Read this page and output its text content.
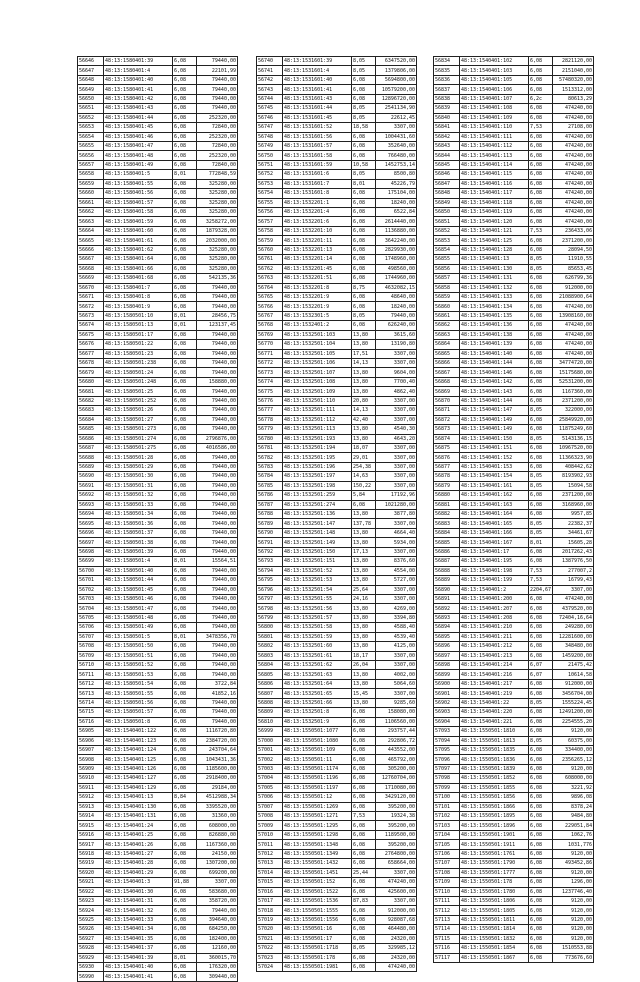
56646	48:13:1580401:39	6,08	79440,00
56647	48:13:1580401:4	6,08	22101,99
56648	48:13:1580401:40	6,08	79440,00
56649	48:13:1580401:41	6,08	79440,00
56650	48:13:1580401:42	6,08	79440,00
56651	48:13:1580401:43	6,08	79440,00
56652	48:13:1580401:44	6,08	252320,00
56653	48:13:1580401:45	6,08	72840,00
56654	48:13:1580401:46	6,08	252320,00
56655	48:13:1580401:47	6,08	72840,00
56656	48:13:1580401:48	6,08	252320,00
56657	48:13:1580401:49	6,08	72840,00
56658	48:13:1580401:5	8,01	772848,59
56659	48:13:1580401:55	6,08	325280,00
56660	48:13:1580401:56	6,08	325280,00
56661	48:13:1580401:57	6,08	325280,00
56662	48:13:1580401:58	6,08	325280,00
56663	48:13:1580401:59	6,08	3258272,00
56664	48:13:1580401:60	6,08	1879328,00
56665	48:13:1580401:61	6,08	2032000,00
56666	48:13:1580401:62	6,08	325280,00
56667	48:13:1580401:64	6,08	325280,00
56668	48:13:1580401:66	6,08	325280,00
56669	48:13:1580401:68	6,08	542135,36
56670	48:13:1580401:7	6,08	79440,00
56671	48:13:1580401:8	6,08	79440,00
56672	48:13:1580401:9	6,08	79440,00
56673	48:13:1580501:10	8,01	28456,75
56674	48:13:1580501:13	8,01	123137,45
56675	48:13:1580501:17	6,08	79440,00
56676	48:13:1580501:22	6,08	79440,00
56677	48:13:1580501:23	6,08	79440,00
56678	48:13:1580501:238	6,08	79440,00
56679	48:13:1580501:24	6,08	79440,00
56680	48:13:1580501:248	6,08	158880,00
56681	48:13:1580501:25	6,08	79440,00
56682	48:13:1580501:252	6,08	79440,00
56683	48:13:1580501:26	6,08	79440,00
56684	48:13:1580501:27	6,08	79440,00
56685	48:13:1580501:273	6,08	79440,00
56686	48:13:1580501:274	6,08	2796876,00
56687	48:13:1580501:275	6,08	4016586,00
56688	48:13:1580501:28	6,08	79440,00
56689	48:13:1580501:29	6,08	79440,00
56690	48:13:1580501:30	6,08	79440,00
56691	48:13:1580501:31	6,08	79440,00
56692	48:13:1580501:32	6,08	79440,00
56693	48:13:1580501:33	6,08	79440,00
56694	48:13:1580501:34	6,08	79440,00
56695	48:13:1580501:36	6,08	79440,00
56696	48:13:1580501:37	6,08	79440,00
56697	48:13:1580501:38	6,08	79440,00
56698	48:13:1580501:39	6,08	79440,00
56699	48:13:1580501:4	8,01	15564,51
56700	48:13:1580501:40	6,08	79440,00
56701	48:13:1580501:44	6,08	79440,00
56702	48:13:1580501:45	6,08	79440,00
56703	48:13:1580501:46	6,08	79440,00
56704	48:13:1580501:47	6,08	79440,00
56705	48:13:1580501:48	6,08	79440,00
56706	48:13:1580501:49	6,08	79440,00
56707	48:13:1580501:5	8,01	3478356,70
56708	48:13:1580501:50	6,08	79440,00
56709	48:13:1580501:51	6,08	79440,00
56710	48:13:1580501:52	6,08	79440,00
56711	48:13:1580501:53	6,08	79440,00
56712	48:13:1580501:54	6,08	3722,84
56713	48:13:1580501:55	6,08	41852,16
56714	48:13:1580501:56	6,08	79440,00
56715	48:13:1580501:57	6,08	79440,00
56716	48:13:1580501:8	6,08	79440,00
56905	48:13:1540401:122	6,08	1116720,80
56906	48:13:1540401:123	6,08	2384720,00
56907	48:13:1540401:124	6,08	243704,64
56908	48:13:1540401:125	6,08	1043431,36
56909	48:13:1540401:126	6,08	1185600,00
56910	48:13:1540401:127	6,08	2918400,00
56911	48:13:1540401:129	6,08	29184,00
56912	48:13:1540401:13	8,84	4512988,34
56913	48:13:1540401:130	6,08	3395520,00
56914	48:13:1540401:131	6,08	31360,00
56915	48:13:1540401:24	6,08	608000,00
56916	48:13:1540401:25	6,08	826880,00
56917	48:13:1540401:26	6,08	1167360,00
56918	48:13:1540401:27	6,08	24150,00
56919	48:13:1540401:28	6,08	1307200,00
56920	48:13:1540401:29	6,08	699200,00
56921	48:13:1540401:3	91,88	3307,00
56922	48:13:1540401:30	6,08	583680,00
56923	48:13:1540401:31	6,08	358720,00
56924	48:13:1540401:32	6,08	79440,00
56925	48:13:1540401:33	6,08	394640,00
56926	48:13:1540401:34	6,08	684250,00
56927	48:13:1540401:35	6,08	182400,00
56928	48:13:1540401:37	6,08	12160,00
56929	48:13:1540401:39	8,01	360015,70
56930	48:13:1540401:40	6,08	176320,00
56990	48:13:1540401:41	6,08	309440,00
56740	48:13:1531601:39	8,05	6347520,00
56741	48:13:1531601:4	8,05	1379806,00
56742	48:13:1531601:40	6,08	5694800,00
56743	48:13:1531601:41	6,08	10579200,00
56744	48:13:1531601:43	6,08	12896720,00
56745	48:13:1531601:44	8,05	2541134,90
56746	48:13:1531601:45	8,05	22612,45
56747	48:13:1531601:52	18,58	3307,00
56748	48:13:1531601:56	6,08	1004431,60
56749	48:13:1531601:57	6,08	352640,00
56750	48:13:1531601:58	6,08	766480,00
56751	48:13:1531601:59	10,58	1452753,14
56752	48:13:1531601:6	8,05	8500,80
56753	48:13:1531601:7	8,01	45226,79
56754	48:13:1531601:8	6,08	175104,00
56755	48:13:1532201:1	6,08	18240,00
56756	48:13:1532201:4	6,08	6522,84
56757	48:13:1532201:6	6,08	2614440,00
56758	48:13:1532201:10	6,08	1136880,00
56759	48:13:1532201:11	6,08	3642240,00
56760	48:13:1532201:13	6,08	2829930,00
56761	48:13:1532201:14	6,08	1748960,00
56762	48:13:1532201:45	6,08	498560,00
56763	48:13:1532201:51	6,08	1744960,00
56764	48:13:1532201:8	8,75	4632082,15
56765	48:13:1532201:9	6,08	48640,00
56766	48:13:1532201:9	6,08	18240,00
56767	48:13:1532301:5	8,05	79440,00
56768	48:13:1532401:2	6,08	626240,00
56769	48:13:1532501:103	13,80	3615,60
56770	48:13:1532501:104	13,80	13190,80
56771	48:13:1532501:105	17,51	3307,00
56772	48:13:1532501:106	14,13	3307,00
56773	48:13:1532501:107	13,80	9604,00
56774	48:13:1532501:108	13,80	7700,40
56775	48:13:1532501:109	13,80	4862,40
56776	48:13:1532501:110	20,80	3307,00
56777	48:13:1532501:111	14,13	3307,00
56778	48:13:1532501:112	42,40	3307,00
56779	48:13:1532501:113	13,80	4540,30
56780	48:13:1532501:193	13,80	4643,20
56781	48:13:1532501:194	18,07	3307,00
56782	48:13:1532501:195	29,01	3307,00
56783	48:13:1532501:196	254,38	3307,00
56784	48:13:1532501:197	14,63	3307,00
56785	48:13:1532501:198	150,22	3307,00
56786	48:13:1532501:259	5,84	17192,96
56787	48:13:1532501:274	6,08	1021280,00
56788	48:13:1532501:136	13,80	3877,80
56789	48:13:1532501:147	137,78	3307,00
56790	48:13:1532501:148	13,80	4664,40
56791	48:13:1532501:149	13,80	5934,00
56792	48:13:1532501:150	17,13	3307,00
56793	48:13:1532501:151	13,80	8376,60
56794	48:13:1532501:52	13,80	4554,00
56795	48:13:1532501:53	13,80	5727,00
56796	48:13:1532501:54	25,64	3307,00
56797	48:13:1532501:55	24,16	3307,00
56798	48:13:1532501:56	13,80	4269,00
56799	48:13:1532501:57	13,80	3394,80
56800	48:13:1532501:58	13,80	4588,40
56801	48:13:1532501:59	13,80	4539,40
56802	48:13:1532501:60	13,80	4125,00
56803	48:13:1532501:61	18,17	3307,00
56804	48:13:1532501:62	26,04	3307,00
56805	48:13:1532501:63	13,80	4002,00
56806	48:13:1532501:64	13,80	5064,60
56807	48:13:1532501:65	15,45	3307,00
56808	48:13:1532501:66	13,80	9285,60
56809	48:13:1532501:8	6,08	158080,00
56810	48:13:1532501:9	6,08	1106560,00
56999	48:13:1550501:1077	6,08	293757,44
57000	48:13:1550501:1080	6,08	292806,72
57001	48:13:1550501:109	6,08	443552,00
57002	48:13:1550501:11	6,08	465792,00
57003	48:13:1550501:1174	6,08	305200,00
57004	48:13:1550501:1196	6,08	12760704,00
57005	48:13:1550501:1197	6,08	1710080,00
57006	48:13:1550501:12	6,08	3429120,00
57007	48:13:1550501:1269	6,08	395200,00
57008	48:13:1550501:1271	7,53	19324,38
57009	48:13:1550501:1295	6,08	395200,00
57010	48:13:1550501:1298	6,08	1189500,00
57011	48:13:1550501:1348	6,08	395200,00
57012	48:13:1550501:1349	6,08	2764800,00
57013	48:13:1550501:1432	6,08	658664,00
57014	48:13:1550501:1451	25,44	3307,00
57015	48:13:1550501:152	6,08	474240,00
57016	48:13:1550501:1522	6,08	425600,00
57017	48:13:1550501:1536	87,83	3307,00
57018	48:13:1550501:1555	6,08	912000,00
57019	48:13:1550501:1556	6,08	928087,68
57020	48:13:1550501:16	6,08	464480,00
57021	48:13:1550501:17	6,08	24320,00
57022	48:13:1550501:1718	8,05	329985,12
57023	48:13:1550501:178	6,08	24320,00
57024	48:13:1550501:1981	6,08	474240,00
56834	48:13:1540401:102	6,08	2821120,00
56835	48:13:1540401:103	6,08	2151040,00
56836	48:13:1540401:105	6,08	57480320,00
56837	48:13:1540401:106	6,08	1513312,00
56838	48:13:1540401:107	6,2c	80613,29
56839	48:13:1540401:108	6,08	474240,00
56840	48:13:1540401:109	6,08	474240,00
56841	48:13:1540401:110	7,53	27108,00
56842	48:13:1540401:111	6,08	474240,00
56843	48:13:1540401:112	6,08	474240,00
56844	48:13:1540401:113	6,08	474240,00
56845	48:13:1540401:114	6,08	474240,00
56846	48:13:1540401:115	6,08	474240,00
56847	48:13:1540401:116	6,08	474240,00
56848	48:13:1540401:117	6,08	474240,00
56849	48:13:1540401:118	6,08	474240,00
56850	48:13:1540401:119	6,08	474240,00
56851	48:13:1540401:120	6,08	474240,00
56852	48:13:1540401:121	7,53	236433,06
56853	48:13:1540401:125	6,08	2371200,00
56854	48:13:1540401:128	6,08	28094,50
56855	48:13:1540401:13	8,05	11910,55
56856	48:13:1540401:130	8,05	85653,45
56857	48:13:1540401:131	6,08	626799,36
56858	48:13:1540401:132	6,08	912000,00
56859	48:13:1540401:133	6,08	21088900,64
56860	48:13:1540401:134	6,08	474240,00
56861	48:13:1540401:135	6,08	13908160,00
56862	48:13:1540401:136	6,08	474240,00
56863	48:13:1540401:138	6,08	474240,00
56864	48:13:1540401:139	6,08	474240,00
56865	48:13:1540401:140	6,08	474240,00
56866	48:13:1540401:144	6,08	34774720,00
56867	48:13:1540401:146	6,08	15175680,00
56868	48:13:1540401:142	6,08	52531200,00
56869	48:13:1540401:143	6,08	1167360,00
56870	48:13:1540401:144	6,08	2371200,00
56871	48:13:1540401:147	8,05	322000,00
56872	48:13:1540401:149	6,08	25849920,00
56873	48:13:1540401:149	6,08	11875249,60
56874	48:13:1540401:150	8,05	5143136,15
56875	48:13:1540401:151	6,08	10967520,00
56876	48:13:1540401:152	6,08	11366323,90
56877	48:13:1540401:153	6,08	408442,62
56878	48:13:1540401:154	8,05	8193902,93
56879	48:13:1540401:161	8,05	15094,58
56880	48:13:1540401:162	6,08	2371200,00
56881	48:13:1540401:163	6,08	3168960,00
56882	48:13:1540401:164	6,08	9957,85
56883	48:13:1540401:165	8,05	22382,37
56884	48:13:1540401:166	8,05	34461,67
56885	48:13:1540401:167	8,01	15605,28
56886	48:13:1540401:17	6,08	2017262,43
56887	48:13:1540401:195	6,08	1387976,50
56888	48:13:1540401:198	7,53	277007,2
56889	48:13:1540401:199	7,53	16799,43
56890	48:13:1540401:2	2204,67	3307,00
56891	48:13:1540401:200	6,08	474240,00
56892	48:13:1540401:207	6,08	4379520,00
56893	48:13:1540401:208	6,08	72404,16,64
56894	48:13:1540401:210	6,08	249280,00
56895	48:13:1540401:211	6,08	12281600,00
56896	48:13:1540401:212	6,08	348480,00
56897	48:13:1540401:213	6,08	1459200,00
56898	48:13:1540401:214	6,07	21475,42
56899	48:13:1540401:216	6,07	10614,58
56900	48:13:1540401:217	6,08	912000,00
56901	48:13:1540401:219	6,08	3456704,00
56902	48:13:1540401:22	8,05	1555224,45
56903	48:13:1540401:220	6,08	12491200,00
56904	48:13:1540401:221	6,08	2254555,20
57093	48:13:1550501:1810	6,08	9120,00
57094	48:13:1550501:1813	8,05	60375,00
57095	48:13:1550501:1835	6,08	334400,00
57096	48:13:1550501:1836	6,08	2356265,12
57097	48:13:1550501:1839	6,08	9120,00
57098	48:13:1550501:1852	6,08	608000,00
57099	48:13:1550501:1855	6,08	3221,92
57100	48:13:1550501:1856	6,08	9896,08
57101	48:13:1550501:1866	6,08	8378,24
57102	48:13:1550501:1895	6,08	9484,80
57103	48:13:1550501:1896	6,08	229051,84
57104	48:13:1550501:1901	6,08	1062,76
57105	48:13:1550501:1911	6,08	1031,776
57106	48:13:1550501:1761	6,08	9120,00
57107	48:13:1550501:1790	6,08	493452,86
57108	48:13:1550501:1777	6,08	9120,00
57109	48:13:1550501:178	6,08	1296,00
57110	48:13:1550501:1780	6,08	1237746,40
57111	48:13:1550501:1806	6,08	9120,00
57112	48:13:1550501:1805	6,08	9120,00
57113	48:13:1550501:1811	6,08	9120,00
57114	48:13:1550501:1814	6,08	9120,00
57115	48:13:1550501:1832	6,08	9120,00
57116	48:13:1550501:1854	6,08	1510553,88
57117	48:13:1550501:1867	6,08	773676,60
